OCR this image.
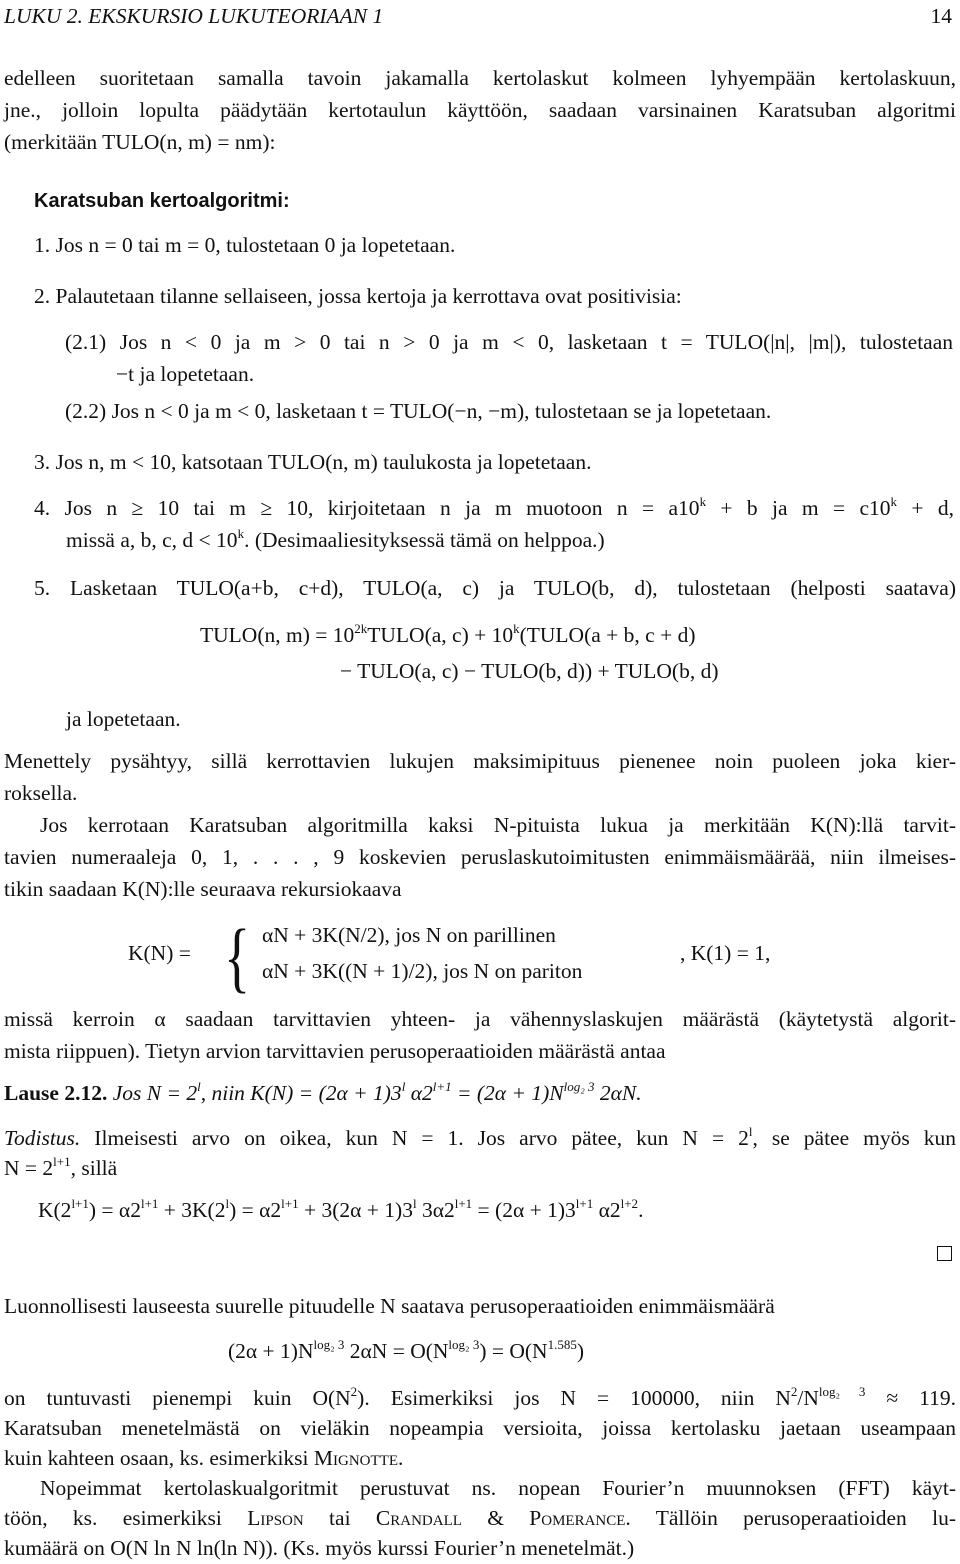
LUKU 2. EKSKURSIO LUKUTEORIAAN 1	14
edelleen suoritetaan samalla tavoin jakamalla kertolaskut kolmeen lyhyempään kertolaskuun,
jne., jolloin lopulta päädytään kertotaulun käyttöön, saadaan varsinainen Karatsuban algoritmi
(merkitään TULO(n, m) = nm):
Karatsuban kertoalgoritmi:
1. Jos n = 0 tai m = 0, tulostetaan 0 ja lopetetaan.
2. Palautetaan tilanne sellaiseen, jossa kertoja ja kerrottava ovat positivisia:
(2.1) Jos n < 0 ja m > 0 tai n > 0 ja m < 0, lasketaan t = TULO(|n|, |m|), tulostetaan
−t ja lopetetaan.
(2.2) Jos n < 0 ja m < 0, lasketaan t = TULO(−n, −m), tulostetaan se ja lopetetaan.
3. Jos n, m < 10, katsotaan TULO(n, m) taulukosta ja lopetetaan.
4. Jos n ≥ 10 tai m ≥ 10, kirjoitetaan n ja m muotoon $n = a10^k + b$ ja $m = c10^k + d$,
missä a, b, c, $d < 10^k$. (Desimaaliesityksessä tämä on helppoa.)
5. Lasketaan TULO(a+b, c+d), TULO(a, c) ja TULO(b, d), tulostetaan (helposti saatava)
TULO(n, $m) = 10^{2k}TULO(a$, $c) + 10^k(TULO(a + b$, c + d)
− TULO(a, c) − TULO(b, d)) + TULO(b, d)
ja lopetetaan.
Menettely pysähtyy, sillä kerrottavien lukujen maksimipituus pienenee noin puoleen joka kier-
roksella.
Jos kerrotaan Karatsuban algoritmilla kaksi N-pituista lukua ja merkitään K(N):llä tarvit-
tavien numeraaleja 0, 1, . . . , 9 koskevien peruslaskutoimitusten enimmäismäärää, niin ilmeises-
tikin saadaan K(N):lle seuraava rekursiokaava
K(N) = { αN + 3K(N/2), jos N on parillinen
αN + 3K((N + 1)/2), jos N on pariton
, K(1) = 1,
missä kerroin α saadaan tarvittavien yhteen- ja vähennyslaskujen määrästä (käytetystä algorit-
mista riippuen). Tietyn arvion tarvittavien perusoperaatioiden määrästä antaa
Lause 2.12. Jos $N = 2^l$, niin $K(N) = (2\alpha + 1)3^l$ $\alpha 2^{l+1} = (2\alpha + 1)N^{log_2 3}$ 2αN.
Todistus. Ilmeisesti arvo on oikea, kun N = 1. Jos arvo pätee, kun $N = 2^l$, se pätee myös kun
$N = 2^{l+1}$, sillä
$K(2^{l+1}) = \alpha 2^{l+1} + 3K(2^l) = \alpha 2^{l+1} + 3(2\alpha + 1)3^l$ $3\alpha 2^{l+1} = (2\alpha + 1)3^{l+1}$ $\alpha 2^{l+2}$.
Luonnollisesti lauseesta suurelle pituudelle N saatava perusoperaatioiden enimmäismäärä
$(2\alpha + 1)N^{log_2 3}$ $2\alpha N = O(N^{log_2 3}) = O(N^{1.585})$
on tuntuvasti pienempi kuin $O(N^2)$. Esimerkiksi jos N = 100000, niin $N^2/N^{log_2 3} \approx 119$.
Karatsuban menetelmästä on vieläkin nopeampia versioita, joissa kertolasku jaetaan useampaan
kuin kahteen osaan, ks. esimerkiksi Mignotte.
Nopeimmat kertolaskualgoritmit perustuvat ns. nopean Fourier’n muunnoksen (FFT) käyt-
töön, ks. esimerkiksi Lipson tai Crandall & Pomerance. Tällöin perusoperaatioiden lu-
kumäärä on O(N ln N ln(ln N)). (Ks. myös kurssi Fourier’n menetelmät.)
